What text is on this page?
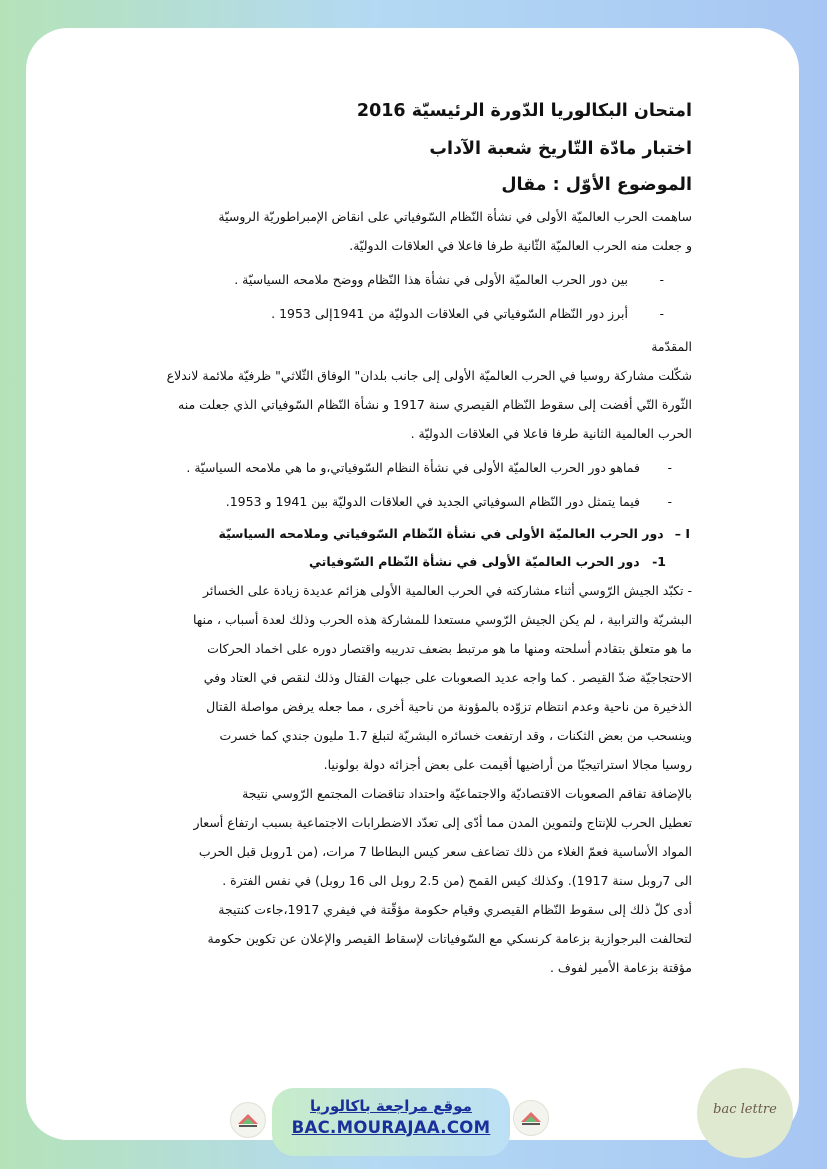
امتحان البكالوريا الدّورة الرئيسيّة 2016
اختبار مادّة التّاريخ شعبة الآداب
الموضوع الأوّل : مقال

ساهمت الحرب العالميّة الأولى في نشأة النّظام السّوفياتي على انقاض الإمبراطوريّة الروسيّة
و جعلت منه الحرب العالميّة الثّانية طرفا فاعلا في العلاقات الدوليّة.

-
بين دور الحرب العالميّة الأولى في نشأة هذا النّظام ووضح ملامحه السياسيّة .
-
أبرز دور النّظام السّوفياتي في العلاقات الدوليّة من 1941إلى 1953 .

المقدّمة

شكّلت مشاركة روسيا في الحرب العالميّة الأولى إلى جانب بلدان" الوفاق الثّلاثي" ظرفيّة ملائمة لاندلاع
الثّورة التّي أفضت إلى سقوط النّظام القيصري سنة 1917 و نشأة النّظام السّوفياتي الذي جعلت منه
الحرب العالمية الثانية طرفا فاعلا في العلاقات الدوليّة .

-
فماهو دور الحرب العالميّة الأولى في نشأة النظام السّوفياتي،و ما هي ملامحه السياسيّة .
-
فيما يتمثل دور النّظام السوفياتي الجديد في العلاقات الدوليّة بين 1941 و 1953.
I – دور الحرب العالميّة الأولى في نشأة النّظام السّوفياتي وملامحه السياسيّة
1- دور الحرب العالميّة الأولى في نشأة النّظام السّوفياتي

- تكبّد الجيش الرّوسي أثناء مشاركته في الحرب العالمية الأولى هزائم عديدة زيادة على الخسائر
البشريّة والترابية ، لم يكن الجيش الرّوسي مستعدا للمشاركة هذه الحرب وذلك لعدة أسباب ، منها
ما هو متعلق بتقادم أسلحته ومنها ما هو مرتبط بضعف تدريبه واقتصار دوره على اخماد الحركات
الاحتجاجيّة ضدّ القيصر . كما واجه عديد الصعوبات على جبهات القتال وذلك لنقص في العتاد وفي
الذخيرة من ناحية وعدم انتظام تزوّده بالمؤونة من ناحية أخرى ، مما جعله يرفض مواصلة القتال
وينسحب من بعض الثكنات ، وقد ارتفعت خسائره البشريّة لتبلغ 1.7 مليون جندي كما خسرت
روسيا مجالا استراتيجيّا من أراضيها أقيمت على بعض أجزائه دولة بولونيا.

بالإضافة تفاقم الصعوبات الاقتصاديّة والاجتماعيّة واحتداد تناقضات المجتمع الرّوسي نتيجة
تعطيل الحرب للإنتاج ولتموين المدن مما أدّى إلى تعدّد الاضطرابات الاجتماعية بسبب ارتفاع أسعار
المواد الأساسية فعمّ الغلاء من ذلك تضاعف سعر كيس البطاطا 7 مرات، (من 1روبل قبل الحرب
الى 7روبل سنة 1917). وكذلك كيس القمح (من 2.5 روبل الى 16 روبل) في نفس الفترة .

أدى كلّ ذلك إلى سقوط النّظام القيصري وقيام حكومة مؤقّتة في فيفري 1917،جاءت كنتيجة
لتحالفت البرجوازية بزعامة كرنسكي مع السّوفياتات لإسقاط القيصر والإعلان عن تكوين حكومة
مؤقتة بزعامة الأمير لفوف .

موقع مراجعة باكالوريا
BAC.MOURAJAA.COM
bac lettre
